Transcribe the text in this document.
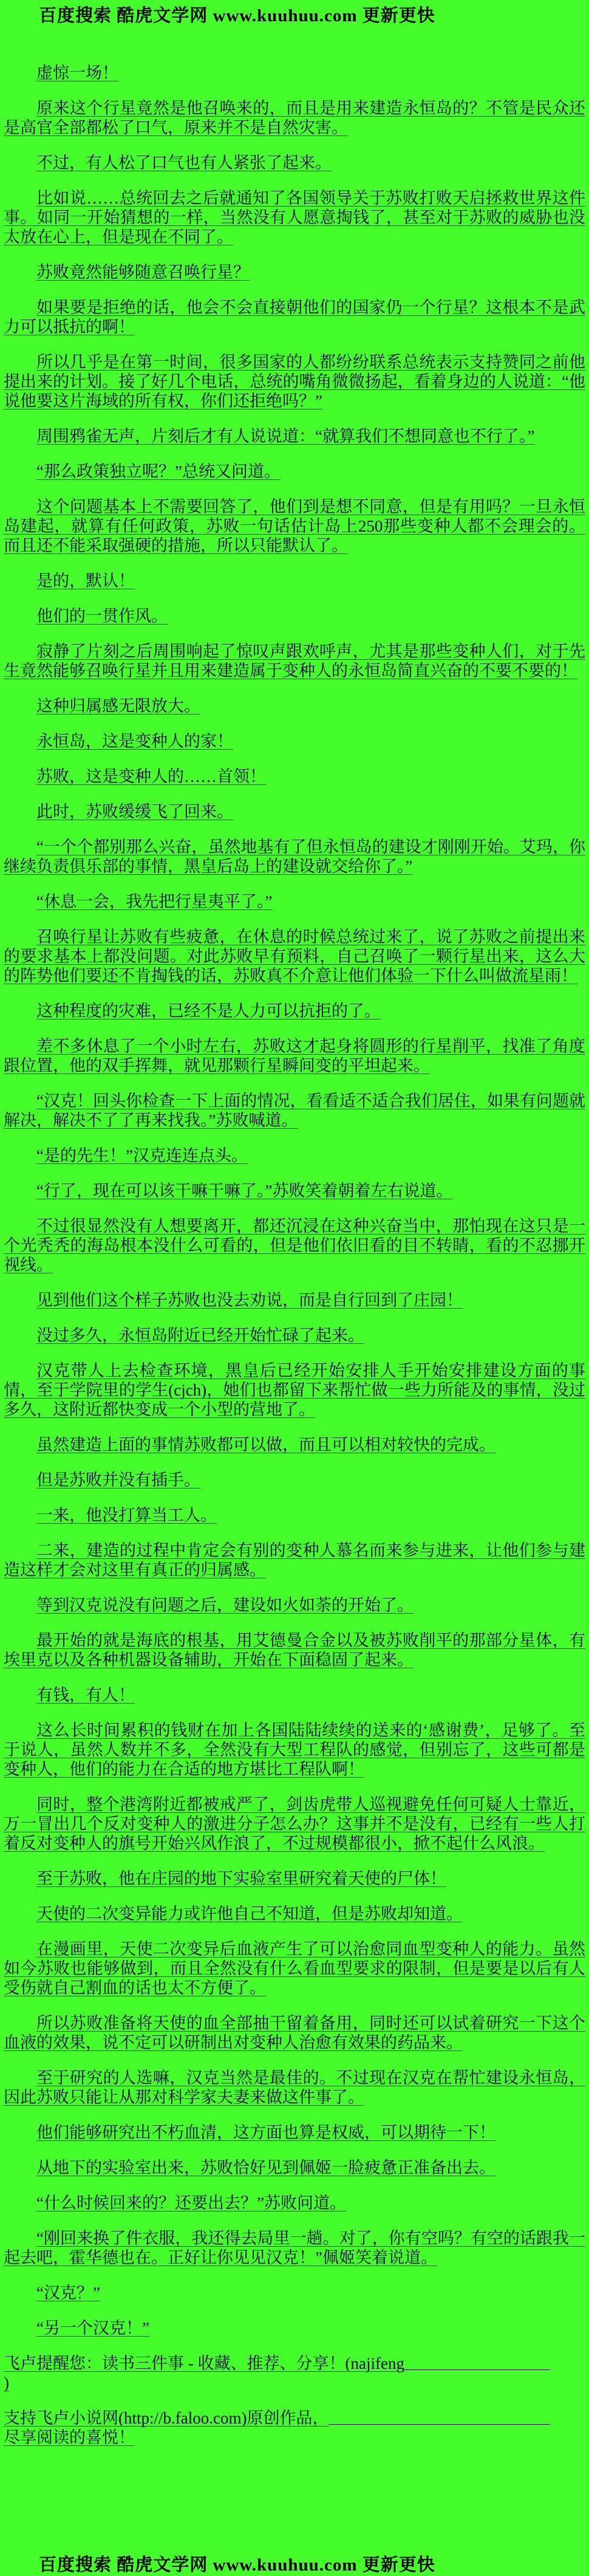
百度搜索 酷虎文学网 www.kuuhuu.com 更新更快

虚惊一场！

原来这个行星竟然是他召唤来的，而且是用来建造永恒岛的？不管是民众还是高官全部都松了口气，原来并不是自然灾害。

不过，有人松了口气也有人紧张了起来。

比如说……总统回去之后就通知了各国领导关于苏败打败天启拯救世界这件事。如同一开始猜想的一样，当然没有人愿意掏钱了，甚至对于苏败的威胁也没太放在心上，但是现在不同了。

苏败竟然能够随意召唤行星？

如果要是拒绝的话，他会不会直接朝他们的国家仍一个行星？这根本不是武力可以抵抗的啊！

所以几乎是在第一时间，很多国家的人都纷纷联系总统表示支持赞同之前他提出来的计划。接了好几个电话，总统的嘴角微微扬起，看着身边的人说道：“他说他要这片海域的所有权，你们还拒绝吗？”

周围鸦雀无声，片刻后才有人说说道：“就算我们不想同意也不行了。”

“那么政策独立呢？”总统又问道。

这个问题基本上不需要回答了，他们到是想不同意，但是有用吗？一旦永恒岛建起，就算有任何政策，苏败一句话估计岛上250那些变种人都不会理会的。而且还不能采取强硬的措施，所以只能默认了。

是的，默认！

他们的一贯作风。

寂静了片刻之后周围响起了惊叹声跟欢呼声，尤其是那些变种人们，对于先生竟然能够召唤行星并且用来建造属于变种人的永恒岛简直兴奋的不要不要的！

这种归属感无限放大。

永恒岛，这是变种人的家！

苏败，这是变种人的……首领！

此时，苏败缓缓飞了回来。

“一个个都别那么兴奋，虽然地基有了但永恒岛的建设才刚刚开始。艾玛，你继续负责俱乐部的事情，黑皇后岛上的建设就交给你了。”

“休息一会，我先把行星夷平了。”

召唤行星让苏败有些疲惫，在休息的时候总统过来了，说了苏败之前提出来的要求基本上都没问题。对此苏败早有预料，自己召唤了一颗行星出来，这么大的阵势他们要还不肯掏钱的话，苏败真不介意让他们体验一下什么叫做流星雨！

这种程度的灾难，已经不是人力可以抗拒的了。

差不多休息了一个小时左右，苏败这才起身将圆形的行星削平，找准了角度跟位置，他的双手挥舞，就见那颗行星瞬间变的平坦起来。

“汉克！回头你检查一下上面的情况，看看适不适合我们居住，如果有问题就解决，解决不了了再来找我。”苏败喊道。

“是的先生！”汉克连连点头。

“行了，现在可以该干嘛干嘛了。”苏败笑着朝着左右说道。

不过很显然没有人想要离开，都还沉浸在这种兴奋当中，那怕现在这只是一个光秃秃的海岛根本没什么可看的，但是他们依旧看的目不转睛，看的不忍挪开视线。

见到他们这个样子苏败也没去劝说，而是自行回到了庄园！

没过多久，永恒岛附近已经开始忙碌了起来。

汉克带人上去检查环境，黑皇后已经开始安排人手开始安排建设方面的事情，至于学院里的学生(cjch)，她们也都留下来帮忙做一些力所能及的事情，没过多久，这附近都快变成一个小型的营地了。

虽然建造上面的事情苏败都可以做，而且可以相对较快的完成。

但是苏败并没有插手。

一来，他没打算当工人。

二来，建造的过程中肯定会有别的变种人慕名而来参与进来，让他们参与建造这样才会对这里有真正的归属感。

等到汉克说没有问题之后，建设如火如荼的开始了。

最开始的就是海底的根基，用艾德曼合金以及被苏败削平的那部分星体，有埃里克以及各种机器设备辅助，开始在下面稳固了起来。

有钱，有人！

这么长时间累积的钱财在加上各国陆陆续续的送来的‘感谢费’，足够了。至于说人，虽然人数并不多，全然没有大型工程队的感觉，但别忘了，这些可都是变种人，他们的能力在合适的地方堪比工程队啊！

同时，整个港湾附近都被戒严了，剑齿虎带人巡视避免任何可疑人士靠近，万一冒出几个反对变种人的激进分子怎么办？这事并不是没有，已经有一些人打着反对变种人的旗号开始兴风作浪了，不过规模都很小，掀不起什么风浪。

至于苏败，他在庄园的地下实验室里研究着天使的尸体！

天使的二次变异能力或许他自己不知道，但是苏败却知道。

在漫画里，天使二次变异后血液产生了可以治愈同血型变种人的能力。虽然如今苏败也能够做到，而且全然没有什么看血型要求的限制，但是要是以后有人受伤就自己割血的话也太不方便了。

所以苏败准备将天使的血全部抽干留着备用，同时还可以试着研究一下这个血液的效果，说不定可以研制出对变种人治愈有效果的药品来。

至于研究的人选嘛，汉克当然是最佳的。不过现在汉克在帮忙建设永恒岛，因此苏败只能让从那对科学家夫妻来做这件事了。

他们能够研究出不朽血清，这方面也算是权威，可以期待一下！

从地下的实验室出来，苏败恰好见到佩姬一脸疲惫正准备出去。

“什么时候回来的？还要出去？”苏败问道。

“刚回来换了件衣服，我还得去局里一趟。对了，你有空吗？有空的话跟我一起去吧，霍华德也在。正好让你见见汉克！”佩姬笑着说道。

“汉克？”

“另一个汉克！”

飞卢提醒您：读书三件事 - 收藏、推荐、分享！(najifeng
)
支持飞卢小说网(http://b.faloo.com)原创作品，
尽享阅读的喜悦！
百度搜索 酷虎文学网 www.kuuhuu.com 更新更快
